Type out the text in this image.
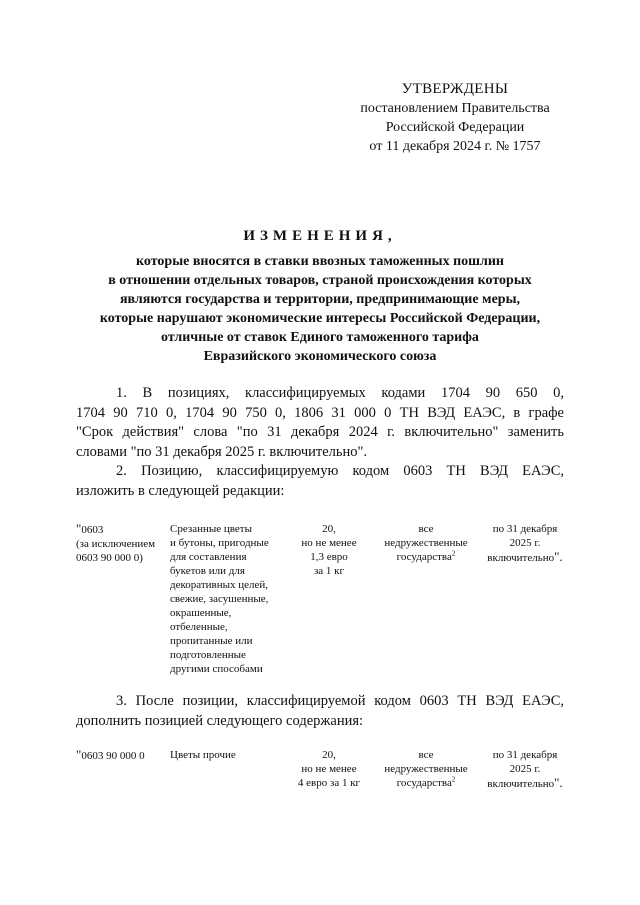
УТВЕРЖДЕНЫ
постановлением Правительства
Российской Федерации
от 11 декабря 2024 г. № 1757
ИЗМЕНЕНИЯ,
которые вносятся в ставки ввозных таможенных пошлин
в отношении отдельных товаров, страной происхождения которых
являются государства и территории, предпринимающие меры,
которые нарушают экономические интересы Российской Федерации,
отличные от ставок Единого таможенного тарифа
Евразийского экономического союза
1. В позициях, классифицируемых кодами 1704 90 650 0,
1704 90 710 0, 1704 90 750 0, 1806 31 000 0 ТН ВЭД ЕАЭС, в графе
"Срок действия" слова "по 31 декабря 2024 г. включительно" заменить
словами "по 31 декабря 2025 г. включительно".
2. Позицию, классифицируемую кодом 0603 ТН ВЭД ЕАЭС,
изложить в следующей редакции:
"0603
(за исключением
0603 90 000 0)
Срезанные цветы
и бутоны, пригодные
для составления
букетов или для
декоративных целей,
свежие, засушенные,
окрашенные,
отбеленные,
пропитанные или
подготовленные
другими способами
20,
но не менее
1,3 евро
за 1 кг
все
недружественные
государства$^2$
по 31 декабря
2025 г.
включительно".
3. После позиции, классифицируемой кодом 0603 ТН ВЭД ЕАЭС,
дополнить позицией следующего содержания:
"0603 90 000 0	Цветы прочие	20,
но не менее
4 евро за 1 кг
все
недружественные
государства$^2$
по 31 декабря
2025 г.
включительно".
